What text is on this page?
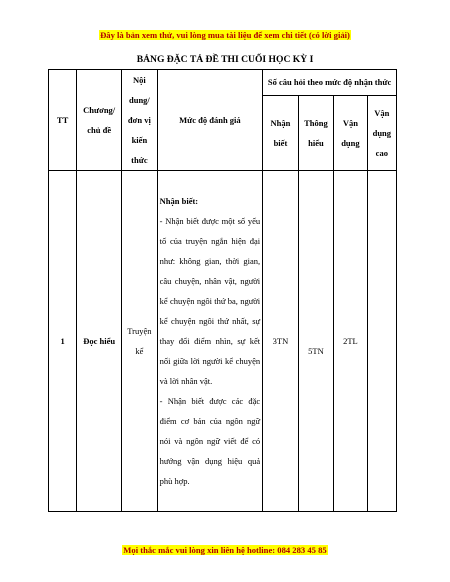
Đây là bản xem thử, vui lòng mua tài liệu để xem chi tiết (có lời giải)
BẢNG ĐẶC TẢ ĐỀ THI CUỐI HỌC KỲ I
TT	Chương/ chủ đề	Nội dung/ đơn vị kiến thức	Mức độ đánh giá	Số câu hỏi theo mức độ nhận thức			
				Nhận biết	Thông hiểu	Vận dụng	Vận dụng cao
1	Đọc hiểu	Truyện kể	Nhận biết:
- Nhận biết được một số yếu tố của truyện ngắn hiện đại như: không gian, thời gian, câu chuyện, nhân vật, người kể chuyện ngôi thứ ba, người kể chuyện ngôi thứ nhất, sự thay đổi điểm nhìn, sự kết nối giữa lời người kể chuyện và lời nhân vật.
- Nhận biết được các đặc điểm cơ bản của ngôn ngữ nói và ngôn ngữ viết để có hướng vận dụng hiệu quả phù hợp.	3TN	5TN	2TL	
Mọi thắc mắc vui lòng xin liên hệ hotline: 084 283 45 85
